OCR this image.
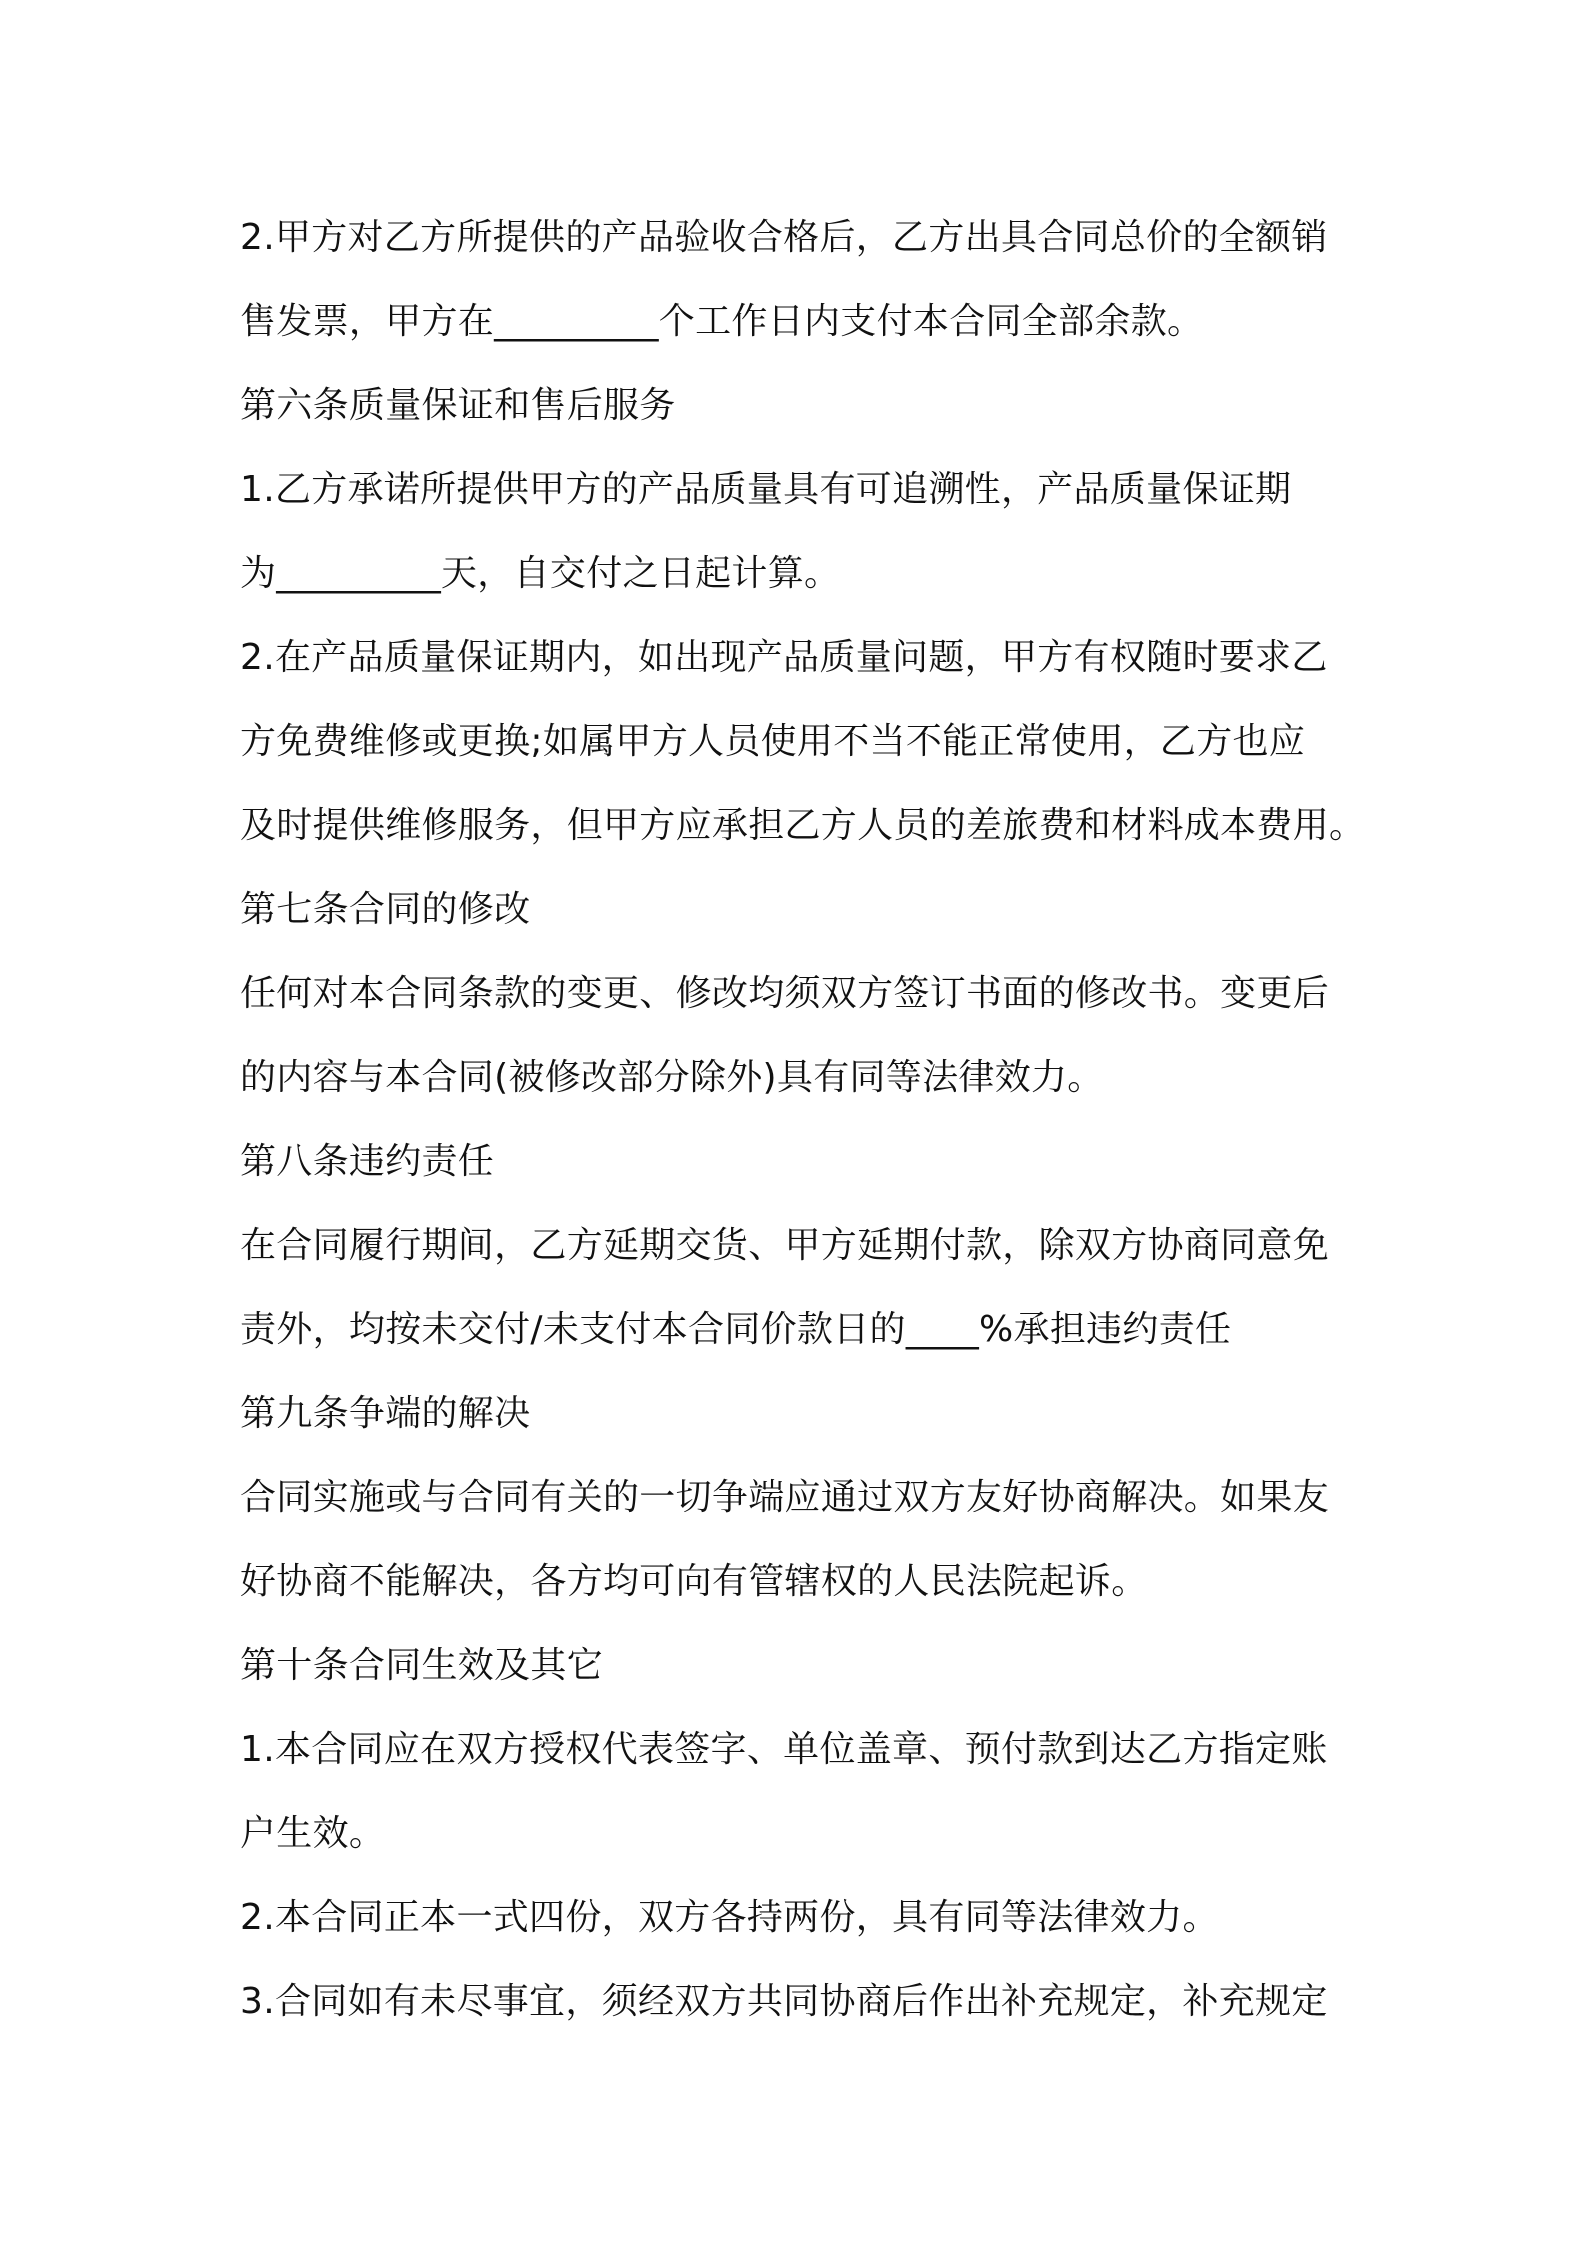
2.甲方对乙方所提供的产品验收合格后，乙方出具合同总价的全额销
售发票，甲方在_________个工作日内支付本合同全部余款。
第六条质量保证和售后服务
1.乙方承诺所提供甲方的产品质量具有可追溯性，产品质量保证期
为_________天，自交付之日起计算。
2.在产品质量保证期内，如出现产品质量问题，甲方有权随时要求乙
方免费维修或更换;如属甲方人员使用不当不能正常使用，乙方也应
及时提供维修服务，但甲方应承担乙方人员的差旅费和材料成本费用。
第七条合同的修改
任何对本合同条款的变更、修改均须双方签订书面的修改书。变更后
的内容与本合同(被修改部分除外)具有同等法律效力。
第八条违约责任
在合同履行期间，乙方延期交货、甲方延期付款，除双方协商同意免
责外，均按未交付/未支付本合同价款日的____%承担违约责任
第九条争端的解决
合同实施或与合同有关的一切争端应通过双方友好协商解决。如果友
好协商不能解决，各方均可向有管辖权的人民法院起诉。
第十条合同生效及其它
1.本合同应在双方授权代表签字、单位盖章、预付款到达乙方指定账
户生效。
2.本合同正本一式四份，双方各持两份，具有同等法律效力。
3.合同如有未尽事宜，须经双方共同协商后作出补充规定，补充规定
